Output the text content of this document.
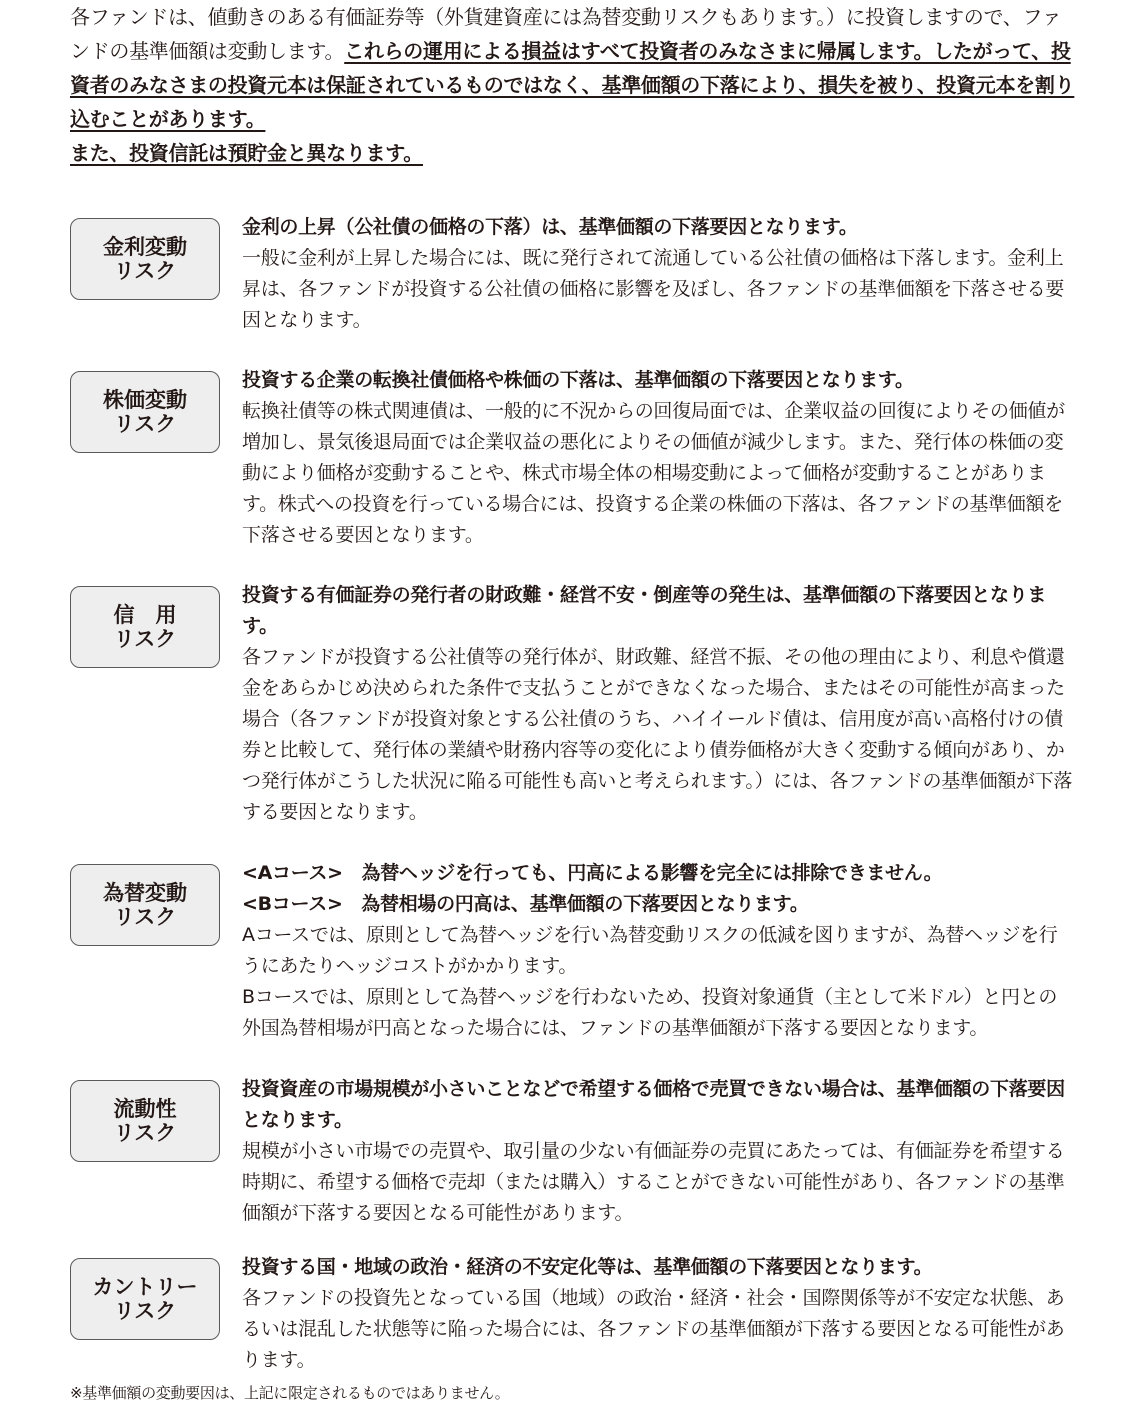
各ファンドは、値動きのある有価証券等（外貨建資産には為替変動リスクもあります。）に投資しますので、ファンドの基準価額は変動します。これらの運用による損益はすべて投資者のみなさまに帰属します。したがって、投資者のみなさまの投資元本は保証されているものではなく、基準価額の下落により、損失を被り、投資元本を割り込むことがあります。
また、投資信託は預貯金と異なります。
金利変動
リスク
金利の上昇（公社債の価格の下落）は、基準価額の下落要因となります。
一般に金利が上昇した場合には、既に発行されて流通している公社債の価格は下落します。金利上昇は、各ファンドが投資する公社債の価格に影響を及ぼし、各ファンドの基準価額を下落させる要因となります。
株価変動
リスク
投資する企業の転換社債価格や株価の下落は、基準価額の下落要因となります。
転換社債等の株式関連債は、一般的に不況からの回復局面では、企業収益の回復によりその価値が増加し、景気後退局面では企業収益の悪化によりその価値が減少します。また、発行体の株価の変動により価格が変動することや、株式市場全体の相場変動によって価格が変動することがあります。株式への投資を行っている場合には、投資する企業の株価の下落は、各ファンドの基準価額を下落させる要因となります。
信　用
リスク
投資する有価証券の発行者の財政難・経営不安・倒産等の発生は、基準価額の下落要因となります。
各ファンドが投資する公社債等の発行体が、財政難、経営不振、その他の理由により、利息や償還金をあらかじめ決められた条件で支払うことができなくなった場合、またはその可能性が高まった場合（各ファンドが投資対象とする公社債のうち、ハイイールド債は、信用度が高い高格付けの債券と比較して、発行体の業績や財務内容等の変化により債券価格が大きく変動する傾向があり、かつ発行体がこうした状況に陥る可能性も高いと考えられます。）には、各ファンドの基準価額が下落する要因となります。
為替変動
リスク
<Aコース>　為替ヘッジを行っても、円高による影響を完全には排除できません。
<Bコース>　為替相場の円高は、基準価額の下落要因となります。
Aコースでは、原則として為替ヘッジを行い為替変動リスクの低減を図りますが、為替ヘッジを行うにあたりヘッジコストがかかります。
Bコースでは、原則として為替ヘッジを行わないため、投資対象通貨（主として米ドル）と円との外国為替相場が円高となった場合には、ファンドの基準価額が下落する要因となります。
流動性
リスク
投資資産の市場規模が小さいことなどで希望する価格で売買できない場合は、基準価額の下落要因となります。
規模が小さい市場での売買や、取引量の少ない有価証券の売買にあたっては、有価証券を希望する時期に、希望する価格で売却（または購入）することができない可能性があり、各ファンドの基準価額が下落する要因となる可能性があります。
カントリー
リスク
投資する国・地域の政治・経済の不安定化等は、基準価額の下落要因となります。
各ファンドの投資先となっている国（地域）の政治・経済・社会・国際関係等が不安定な状態、あるいは混乱した状態等に陥った場合には、各ファンドの基準価額が下落する要因となる可能性があります。
※基準価額の変動要因は、上記に限定されるものではありません。
